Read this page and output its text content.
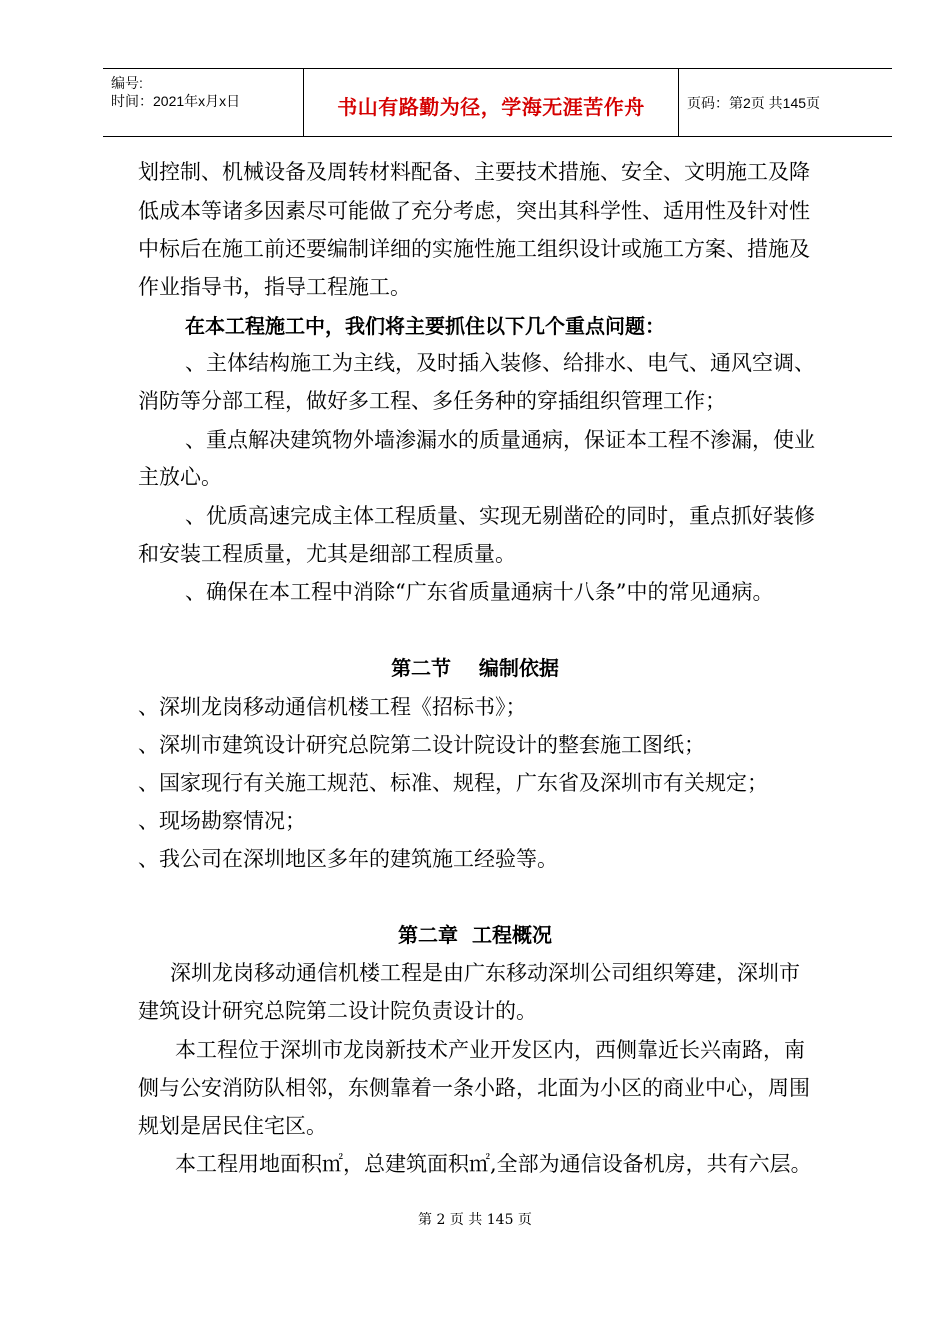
编号:
时间：2021年x月x日	书山有路勤为径，学海无涯苦作舟	页码：第2页 共145页
划控制、机械设备及周转材料配备、主要技术措施、安全、文明施工及降
低成本等诸多因素尽可能做了充分考虑，突出其科学性、适用性及针对性
中标后在施工前还要编制详细的实施性施工组织设计或施工方案、措施及
作业指导书，指导工程施工。
在本工程施工中，我们将主要抓住以下几个重点问题：
、主体结构施工为主线，及时插入装修、给排水、电气、通风空调、
消防等分部工程，做好多工程、多任务种的穿插组织管理工作；
、重点解决建筑物外墙渗漏水的质量通病，保证本工程不渗漏，使业
主放心。
、优质高速完成主体工程质量、实现无剔凿砼的同时，重点抓好装修
和安装工程质量，尤其是细部工程质量。
、确保在本工程中消除“广东省质量通病十八条”中的常见通病。
第二节    编制依据
、深圳龙岗移动通信机楼工程《招标书》；
、深圳市建筑设计研究总院第二设计院设计的整套施工图纸；
、国家现行有关施工规范、标准、规程，广东省及深圳市有关规定；
、现场勘察情况；
、我公司在深圳地区多年的建筑施工经验等。
第二章  工程概况
深圳龙岗移动通信机楼工程是由广东移动深圳公司组织筹建，深圳市
建筑设计研究总院第二设计院负责设计的。
本工程位于深圳市龙岗新技术产业开发区内，西侧靠近长兴南路，南
侧与公安消防队相邻，东侧靠着一条小路，北面为小区的商业中心，周围
规划是居民住宅区。
本工程用地面积㎡，总建筑面积㎡,全部为通信设备机房，共有六层。
第 2 页 共 145 页
